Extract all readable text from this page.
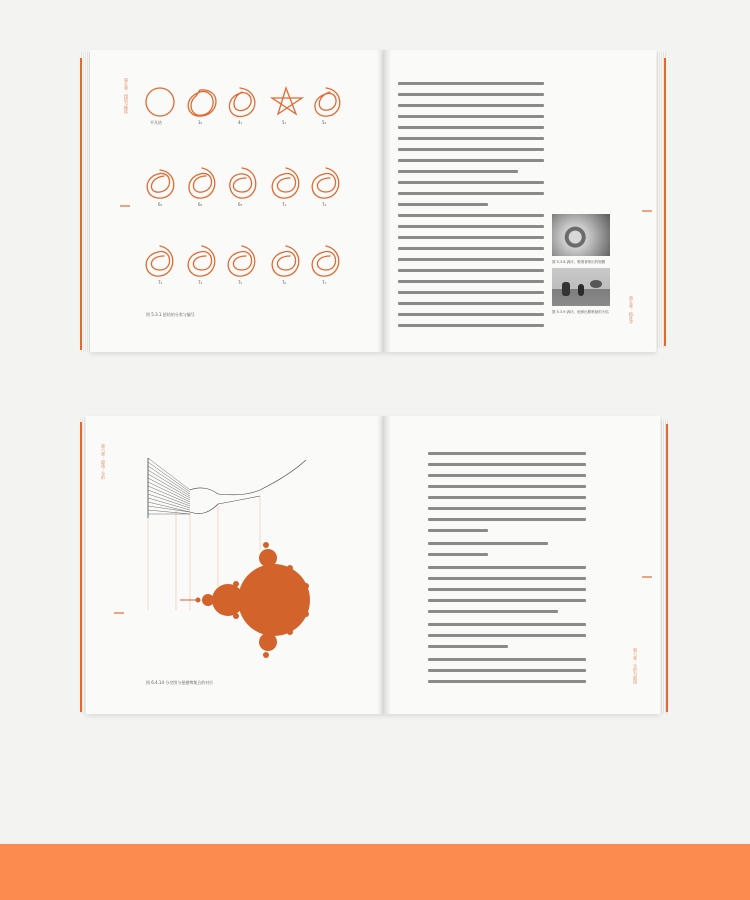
第五章 · 纽结与链环
平凡结	3₁	4₁	5₁	5₂
6₁	6₂	6₃	7₁	7₂
7₃	7₄	7₅	7₆	7₇
图 5.3.1 纽结的分类与编号
图 5.3.8 涡环，吸烟者喷出的烟圈
图 5.3.9 涡环，炮弹出膛喷射的火焰	第五章 · 拓扑学
第六章 · 混沌 · 分形
图 6.4.14 分岔图与曼德博集合的对应	第六章 · 分形与混沌
